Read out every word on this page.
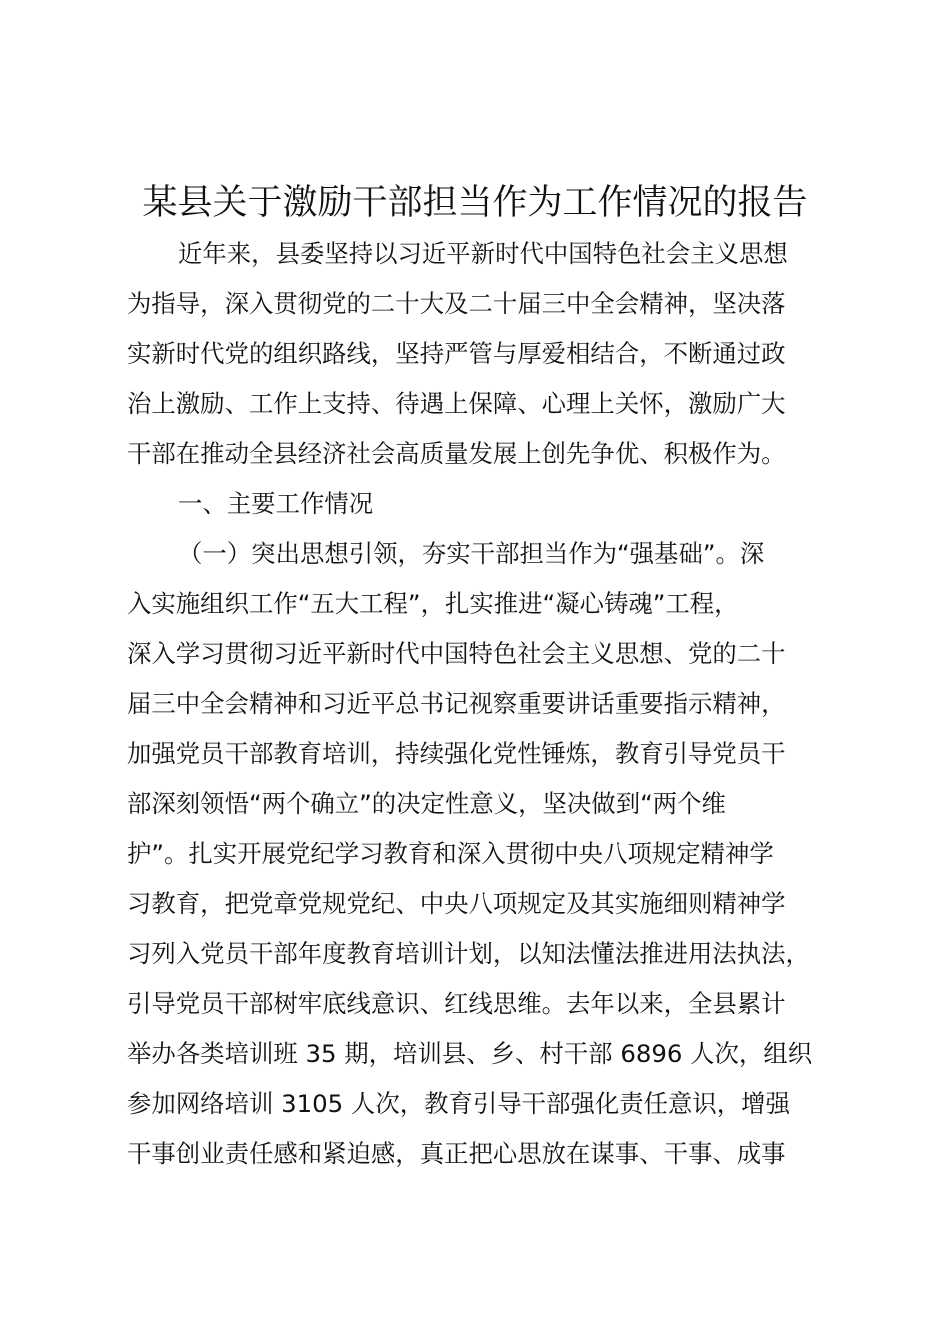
某县关于激励干部担当作为工作情况的报告

近年来，县委坚持以习近平新时代中国特色社会主义思想

为指导，深入贯彻党的二十大及二十届三中全会精神，坚决落

实新时代党的组织路线，坚持严管与厚爱相结合，不断通过政

治上激励、工作上支持、待遇上保障、心理上关怀，激励广大

干部在推动全县经济社会高质量发展上创先争优、积极作为。

一、主要工作情况

（一）突出思想引领，夯实干部担当作为“强基础”。深

入实施组织工作“五大工程”，扎实推进“凝心铸魂”工程，

深入学习贯彻习近平新时代中国特色社会主义思想、党的二十

届三中全会精神和习近平总书记视察重要讲话重要指示精神，

加强党员干部教育培训，持续强化党性锤炼，教育引导党员干

部深刻领悟“两个确立”的决定性意义，坚决做到“两个维

护”。扎实开展党纪学习教育和深入贯彻中央八项规定精神学

习教育，把党章党规党纪、中央八项规定及其实施细则精神学

习列入党员干部年度教育培训计划，以知法懂法推进用法执法，

引导党员干部树牢底线意识、红线思维。去年以来，全县累计

举办各类培训班 35 期，培训县、乡、村干部 6896 人次，组织

参加网络培训 3105 人次，教育引导干部强化责任意识，增强

干事创业责任感和紧迫感，真正把心思放在谋事、干事、成事
